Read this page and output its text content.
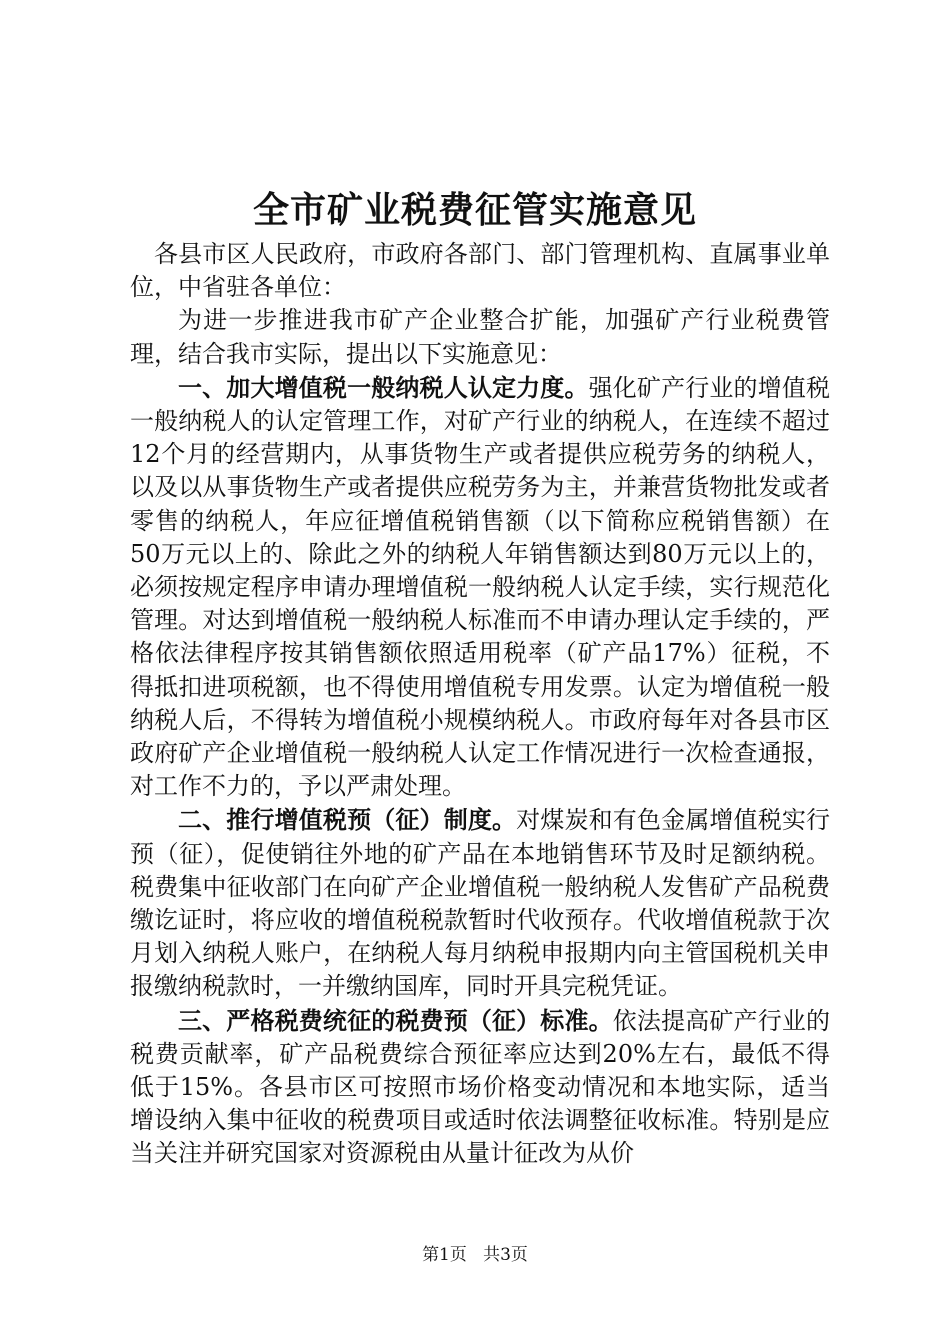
全市矿业税费征管实施意见

各县市区人民政府，市政府各部门、部门管理机构、直属事业单位，中省驻各单位：

为进一步推进我市矿产企业整合扩能，加强矿产行业税费管理，结合我市实际，提出以下实施意见：

一、加大增值税一般纳税人认定力度。强化矿产行业的增值税一般纳税人的认定管理工作，对矿产行业的纳税人，在连续不超过12个月的经营期内，从事货物生产或者提供应税劳务的纳税人，以及以从事货物生产或者提供应税劳务为主，并兼营货物批发或者零售的纳税人，年应征增值税销售额（以下简称应税销售额）在50万元以上的、除此之外的纳税人年销售额达到80万元以上的，必须按规定程序申请办理增值税一般纳税人认定手续，实行规范化管理。对达到增值税一般纳税人标准而不申请办理认定手续的，严格依法律程序按其销售额依照适用税率（矿产品17%）征税，不得抵扣进项税额，也不得使用增值税专用发票。认定为增值税一般纳税人后，不得转为增值税小规模纳税人。市政府每年对各县市区政府矿产企业增值税一般纳税人认定工作情况进行一次检查通报，对工作不力的，予以严肃处理。

二、推行增值税预（征）制度。对煤炭和有色金属增值税实行预（征），促使销往外地的矿产品在本地销售环节及时足额纳税。税费集中征收部门在向矿产企业增值税一般纳税人发售矿产品税费缴讫证时，将应收的增值税税款暂时代收预存。代收增值税款于次月划入纳税人账户，在纳税人每月纳税申报期内向主管国税机关申报缴纳税款时，一并缴纳国库，同时开具完税凭证。

三、严格税费统征的税费预（征）标准。依法提高矿产行业的税费贡献率，矿产品税费综合预征率应达到20%左右，最低不得低于15%。各县市区可按照市场价格变动情况和本地实际，适当增设纳入集中征收的税费项目或适时依法调整征收标准。特别是应当关注并研究国家对资源税由从量计征改为从价

第1页 共3页
